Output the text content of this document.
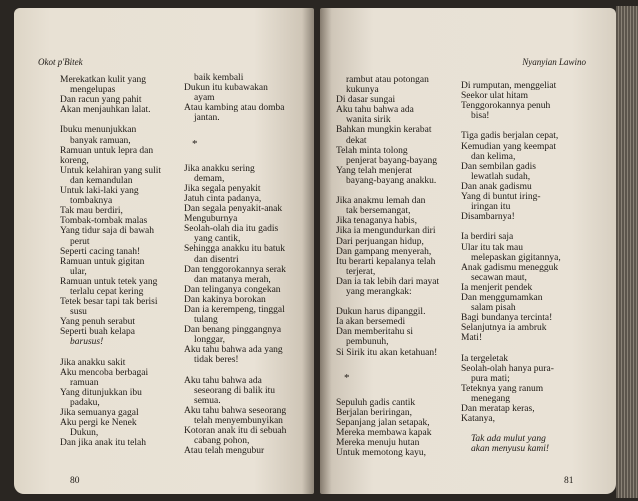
Okot p'Bitek
Merekatkan kulit yang
mengelupas
Dan racun yang pahit
Akan menjauhkan lalat.
Ibuku menunjukkan
banyak ramuan,
Ramuan untuk lepra dan
koreng,
Untuk kelahiran yang sulit
dan kemandulan
Untuk laki-laki yang
tombaknya
Tak mau berdiri,
Tombak-tombak malas
Yang tidur saja di bawah
perut
Seperti cacing tanah!
Ramuan untuk gigitan
ular,
Ramuan untuk tetek yang
terlalu cepat kering
Tetek besar tapi tak berisi
susu
Yang penuh serabut
Seperti buah kelapa
barusus!
Jika anakku sakit
Aku mencoba berbagai
ramuan
Yang ditunjukkan ibu
padaku,
Jika semuanya gagal
Aku pergi ke Nenek
Dukun,
Dan jika anak itu telah
baik kembali
Dukun itu kubawakan
ayam
Atau kambing atau domba
jantan.
*
Jika anakku sering
demam,
Jika segala penyakit
Jatuh cinta padanya,
Dan segala penyakit-anak
Menguburnya
Seolah-olah dia itu gadis
yang cantik,
Sehingga anakku itu batuk
dan disentri
Dan tenggorokannya serak
dan matanya merah,
Dan telinganya congekan
Dan kakinya borokan
Dan ia kerempeng, tinggal
tulang
Dan benang pinggangnya
longgar,
Aku tahu bahwa ada yang
tidak beres!
Aku tahu bahwa ada
seseorang di balik itu
semua.
Aku tahu bahwa seseorang
telah menyembunyikan
Kotoran anak itu di sebuah
cabang pohon,
Atau telah mengubur
80
Nyanyian Lawino
rambut atau potongan
kukunya
Di dasar sungai
Aku tahu bahwa ada
wanita sirik
Bahkan mungkin kerabat
dekat
Telah minta tolong
penjerat bayang-bayang
Yang telah menjerat
bayang-bayang anakku.
Jika anakmu lemah dan
tak bersemangat,
Jika tenaganya habis,
Jika ia mengundurkan diri
Dari perjuangan hidup,
Dan gampang menyerah,
Itu berarti kepalanya telah
terjerat,
Dan ia tak lebih dari mayat
yang merangkak:
Dukun harus dipanggil.
Ia akan bersemedi
Dan memberitahu si
pembunuh,
Si Sirik itu akan ketahuan!
*
Sepuluh gadis cantik
Berjalan beriringan,
Sepanjang jalan setapak,
Mereka membawa kapak
Mereka menuju hutan
Untuk memotong kayu,
Di rumputan, menggeliat
Seekor ulat hitam
Tenggorokannya penuh
bisa!
Tiga gadis berjalan cepat,
Kemudian yang keempat
dan kelima,
Dan sembilan gadis
lewatlah sudah,
Dan anak gadismu
Yang di buntut iring-
iringan itu
Disambarnya!
Ia berdiri saja
Ular itu tak mau
melepaskan gigitannya,
Anak gadismu menegguk
secawan maut,
Ia menjerit pendek
Dan menggumamkan
salam pisah
Bagi bundanya tercinta!
Selanjutnya ia ambruk
Mati!
Ia tergeletak
Seolah-olah hanya pura-
pura mati;
Teteknya yang ranum
menegang
Dan meratap keras,
Katanya,
Tak ada mulut yang
akan menyusu kami!
81
